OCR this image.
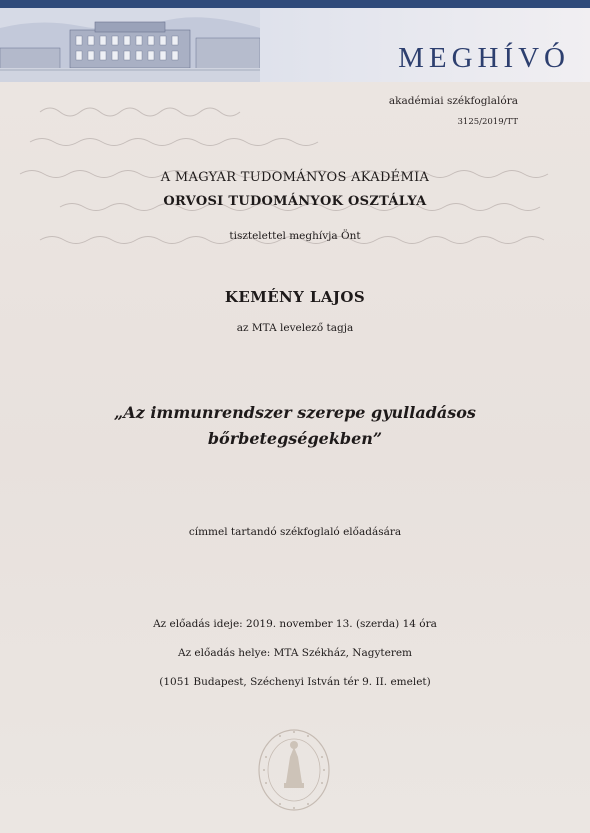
MEGHÍVÓ
akadémiai székfoglalóra
3125/2019/TT
A MAGYAR TUDOMÁNYOS AKADÉMIA
ORVOSI TUDOMÁNYOK OSZTÁLYA
tisztelettel meghívja Önt
KEMÉNY LAJOS
az MTA levelező tagja
„Az immunrendszer szerepe gyulladásos
bőrbetegségekben”
címmel tartandó székfoglaló előadására
Az előadás ideje: 2019. november 13. (szerda) 14 óra
Az előadás helye: MTA Székház, Nagyterem
(1051 Budapest, Széchenyi István tér 9. II. emelet)
